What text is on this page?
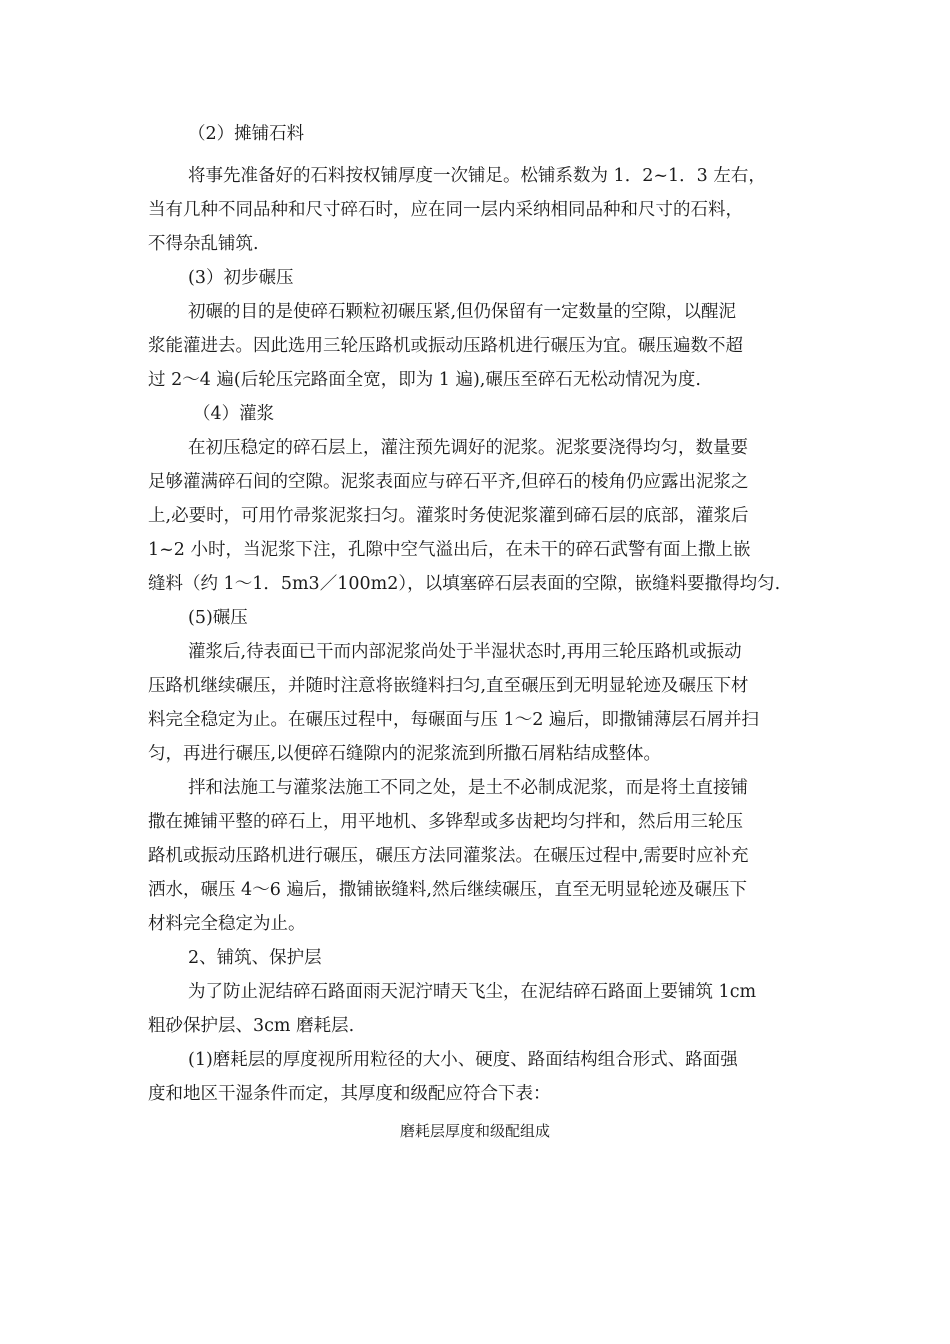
（2）摊铺石料
将事先准备好的石料按权铺厚度一次铺足。松铺系数为 1．2~1．3 左右，
当有几种不同品种和尺寸碎石时，应在同一层内采纳相同品种和尺寸的石料，
不得杂乱铺筑.
(3）初步碾压
初碾的目的是使碎石颗粒初碾压紧,但仍保留有一定数量的空隙，以醒泥
浆能灌进去。因此选用三轮压路机或振动压路机进行碾压为宜。碾压遍数不超
过 2～4 遍(后轮压完路面全宽，即为 1 遍),碾压至碎石无松动情况为度.
（4）灌浆
在初压稳定的碎石层上，灌注预先调好的泥浆。泥浆要浇得均匀，数量要
足够灌满碎石间的空隙。泥浆表面应与碎石平齐,但碎石的棱角仍应露出泥浆之
上,必要时，可用竹帚浆泥浆扫匀。灌浆时务使泥浆灌到碲石层的底部，灌浆后
1~2 小时，当泥浆下注，孔隙中空气溢出后，在未干的碎石武警有面上撒上嵌
缝料（约 1～1．5m3／100m2），以填塞碎石层表面的空隙，嵌缝料要撒得均匀.
(5)碾压
灌浆后,待表面已干而内部泥浆尚处于半湿状态时,再用三轮压路机或振动
压路机继续碾压，并随时注意将嵌缝料扫匀,直至碾压到无明显轮迹及碾压下材
料完全稳定为止。在碾压过程中，每碾面与压 1～2 遍后，即撒铺薄层石屑并扫
匀，再进行碾压,以便碎石缝隙内的泥浆流到所撒石屑粘结成整体。
拌和法施工与灌浆法施工不同之处，是土不必制成泥浆，而是将土直接铺
撒在摊铺平整的碎石上，用平地机、多铧犁或多齿耙均匀拌和，然后用三轮压
路机或振动压路机进行碾压，碾压方法同灌浆法。在碾压过程中,需要时应补充
洒水，碾压 4～6 遍后，撒铺嵌缝料,然后继续碾压，直至无明显轮迹及碾压下
材料完全稳定为止。
2、铺筑、保护层
为了防止泥结碎石路面雨天泥泞晴天飞尘，在泥结碎石路面上要铺筑 1cm
粗砂保护层、3cm 磨耗层.
(1)磨耗层的厚度视所用粒径的大小、硬度、路面结构组合形式、路面强
度和地区干湿条件而定，其厚度和级配应符合下表：
磨耗层厚度和级配组成
